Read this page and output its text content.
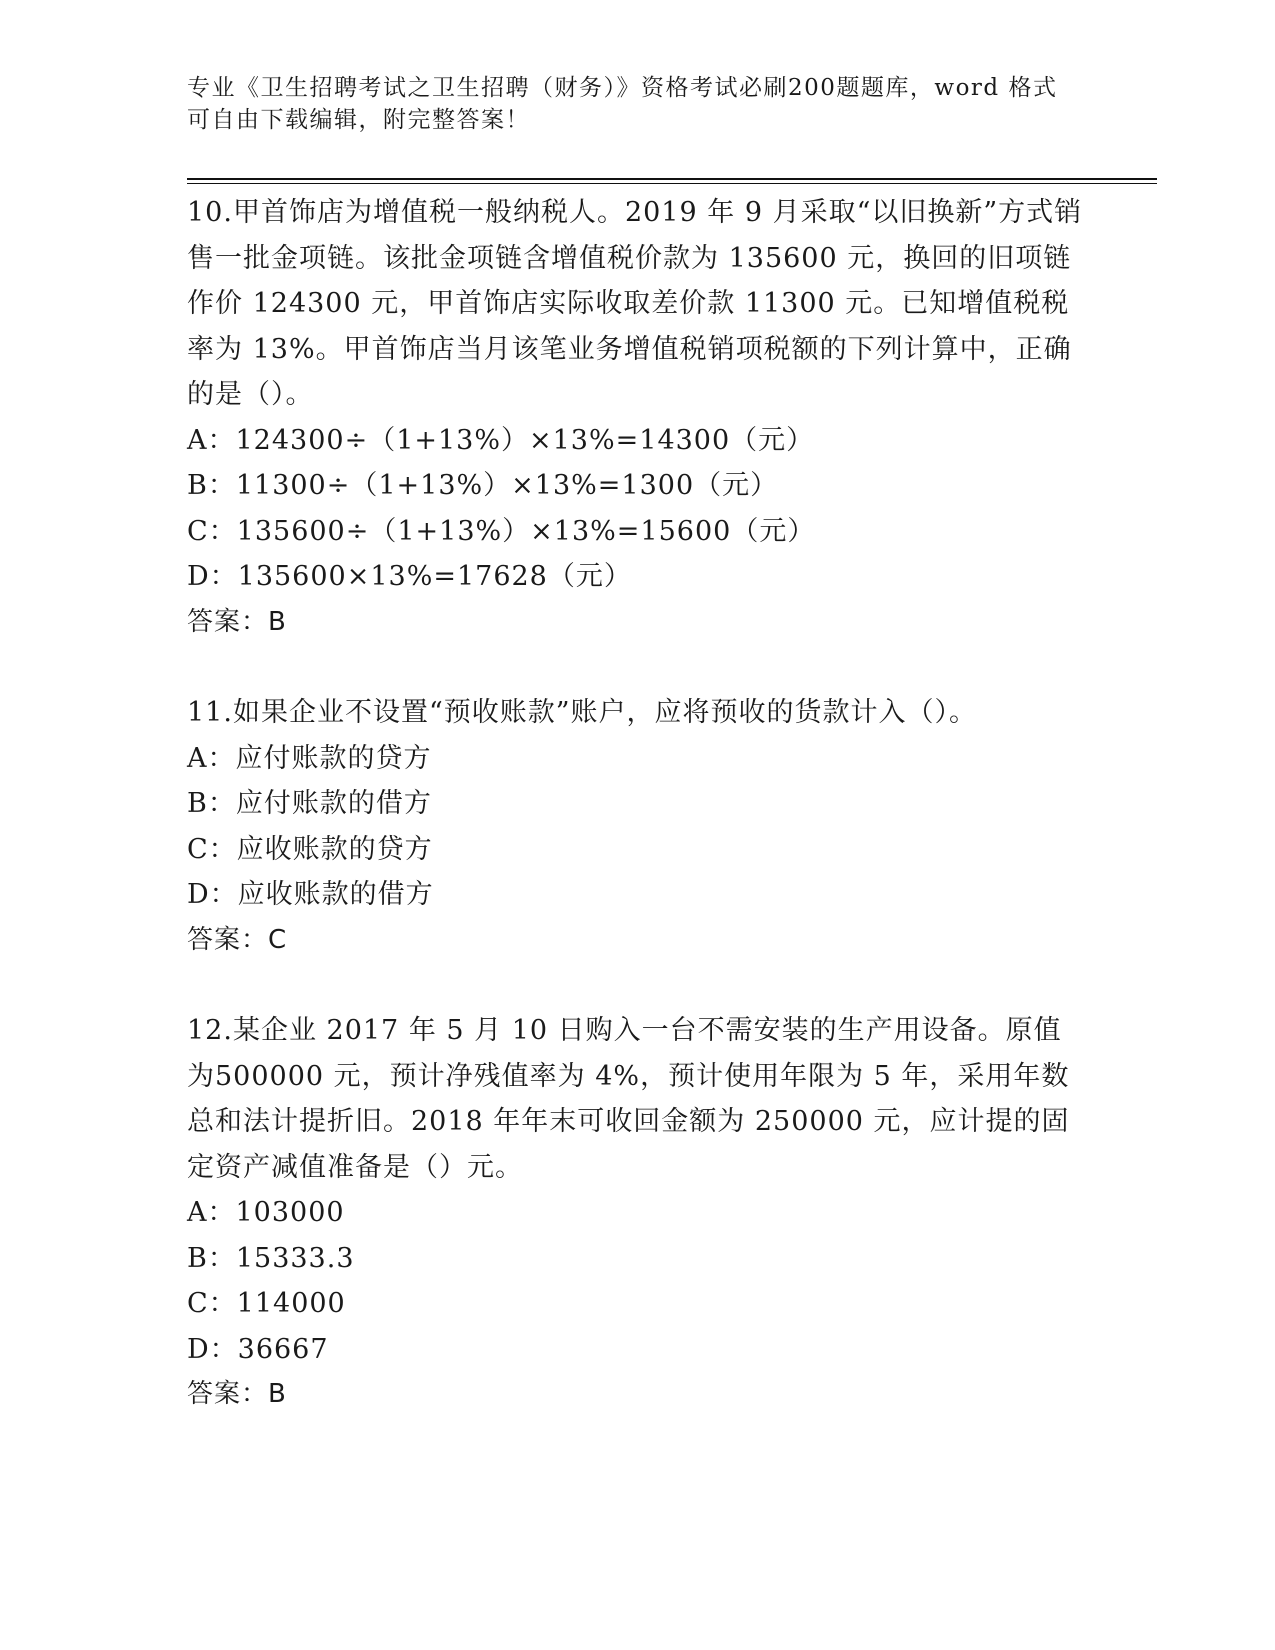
专业《卫生招聘考试之卫生招聘（财务）》资格考试必刷200题题库，word 格式可自由下载编辑，附完整答案！

10.甲首饰店为增值税一般纳税人。2019 年 9 月采取“以旧换新”方式销售一批金项链。该批金项链含增值税价款为 135600 元，换回的旧项链作价 124300 元，甲首饰店实际收取差价款 11300 元。已知增值税税率为 13%。甲首饰店当月该笔业务增值税销项税额的下列计算中，正确的是（）。

A：124300÷（1+13%）×13%=14300（元）

B：11300÷（1+13%）×13%=1300（元）

C：135600÷（1+13%）×13%=15600（元）

D：135600×13%=17628（元）

答案：B

11.如果企业不设置“预收账款”账户，应将预收的货款计入（）。

A：应付账款的贷方

B：应付账款的借方

C：应收账款的贷方

D：应收账款的借方

答案：C

12.某企业 2017 年 5 月 10 日购入一台不需安装的生产用设备。原值为500000 元，预计净残值率为 4%，预计使用年限为 5 年，采用年数总和法计提折旧。2018 年年末可收回金额为 250000 元，应计提的固定资产减值准备是（）元。

A：103000

B：15333.3

C：114000

D：36667

答案：B
